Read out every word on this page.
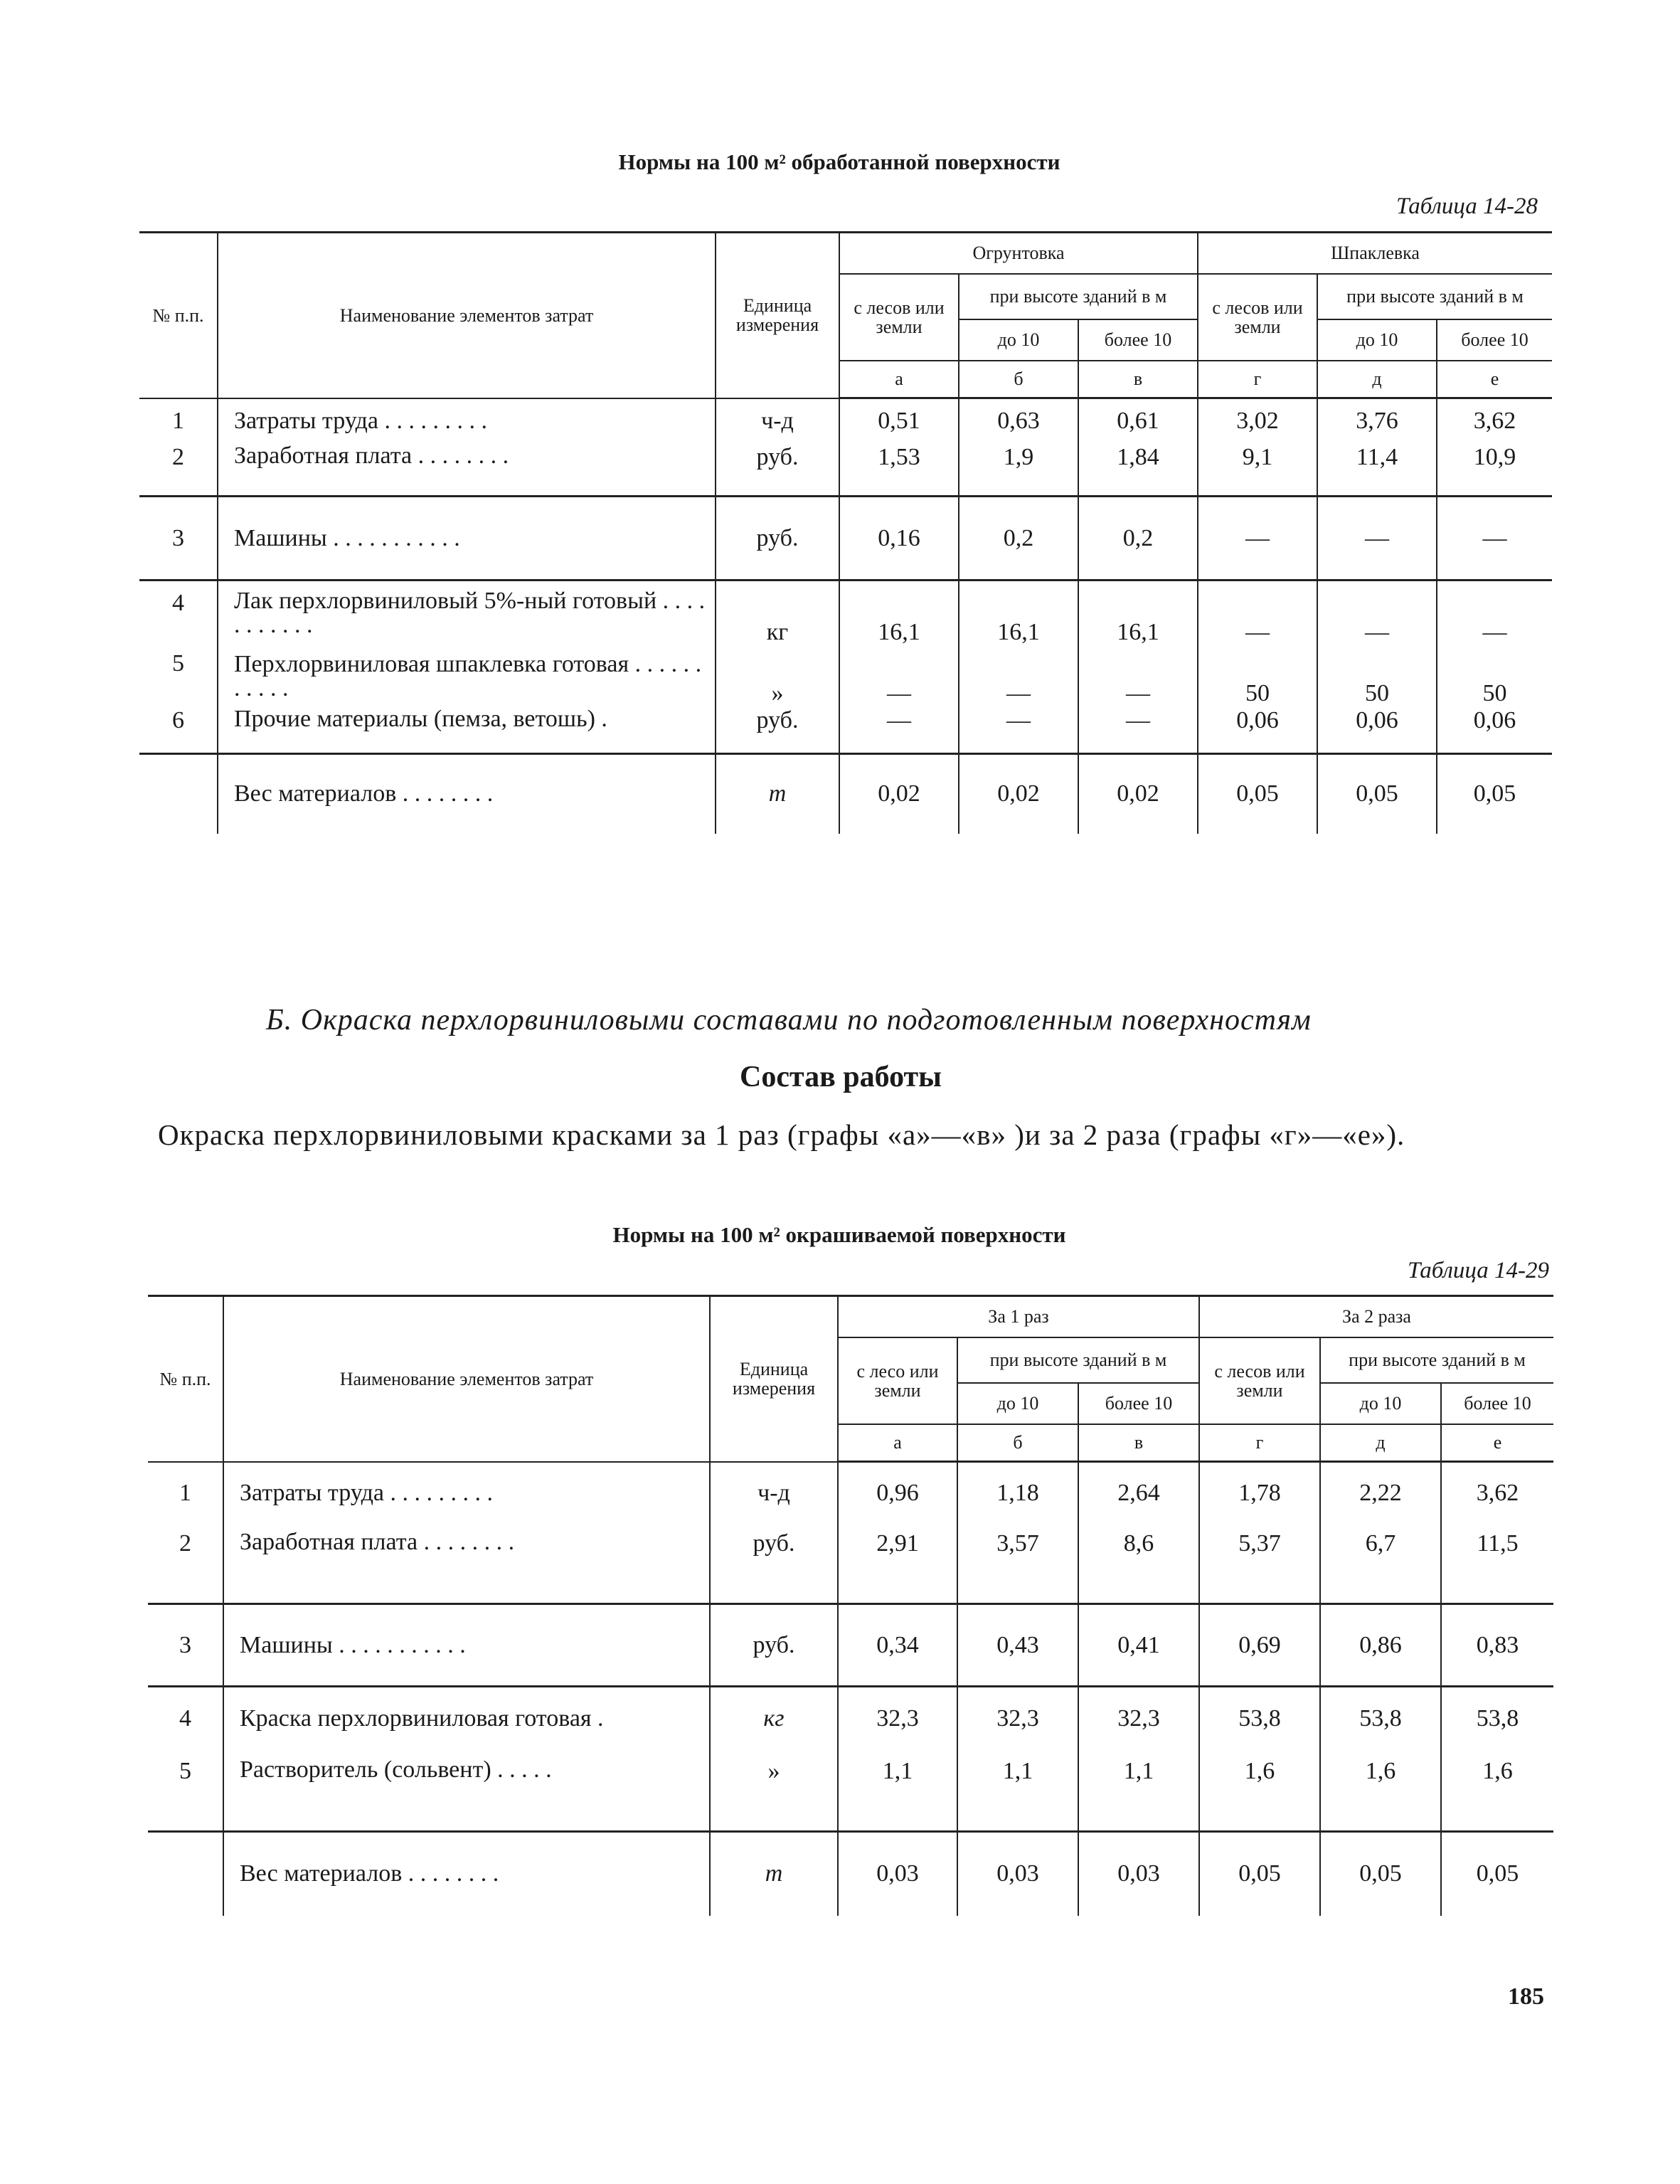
Нормы на 100 м² обработанной поверхности
Таблица 14-28
№ п.п.	Наименование элементов затрат	Единица измерения	Огрунтовка			Шпаклевка		
			с лесов или земли	при высоте зданий в м		с лесов или земли	при высоте зданий в м	
				до 10	более 10		до 10	более 10
			а	б	в	г	д	е
1	Затраты труда . . . . . . . . .	ч-д	0,51	0,63	0,61	3,02	3,76	3,62
2	Заработная плата . . . . . . . .	руб.	1,53	1,9	1,84	9,1	11,4	10,9
3	Машины . . . . . . . . . . .	руб.	0,16	0,2	0,2	—	—	—
4	Лак перхлорвиниловый 5%-ный готовый . . . . . . . . . . .	кг	16,1	16,1	16,1	—	—	—
5	Перхлорвиниловая шпаклевка готовая . . . . . . . . . . .	»	—	—	—	50	50	50
6	Прочие материалы (пемза, ветошь) .	руб.	—	—	—	0,06	0,06	0,06
	Вес материалов . . . . . . . .	т	0,02	0,02	0,02	0,05	0,05	0,05
Б. Окраска перхлорвиниловыми составами по подготовленным поверхностям
Состав работы
Окраска перхлорвиниловыми красками за 1 раз (графы «а»—«в» )и за 2 раза (графы «г»—«е»).
Нормы на 100 м² окрашиваемой поверхности
Таблица 14-29
№ п.п.	Наименование элементов затрат	Единица измерения	За 1 раз			За 2 раза		
			с лесо или земли	при высоте зданий в м		с лесов или земли	при высоте зданий в м	
				до 10	более 10		до 10	более 10
			а	б	в	г	д	е
1	Затраты труда . . . . . . . . .	ч-д	0,96	1,18	2,64	1,78	2,22	3,62
2	Заработная плата . . . . . . . .	руб.	2,91	3,57	8,6	5,37	6,7	11,5
3	Машины . . . . . . . . . . .	руб.	0,34	0,43	0,41	0,69	0,86	0,83
4	Краска перхлорвиниловая готовая .	кг	32,3	32,3	32,3	53,8	53,8	53,8
5	Растворитель (сольвент) . . . . .	»	1,1	1,1	1,1	1,6	1,6	1,6
	Вес материалов . . . . . . . .	т	0,03	0,03	0,03	0,05	0,05	0,05
185
